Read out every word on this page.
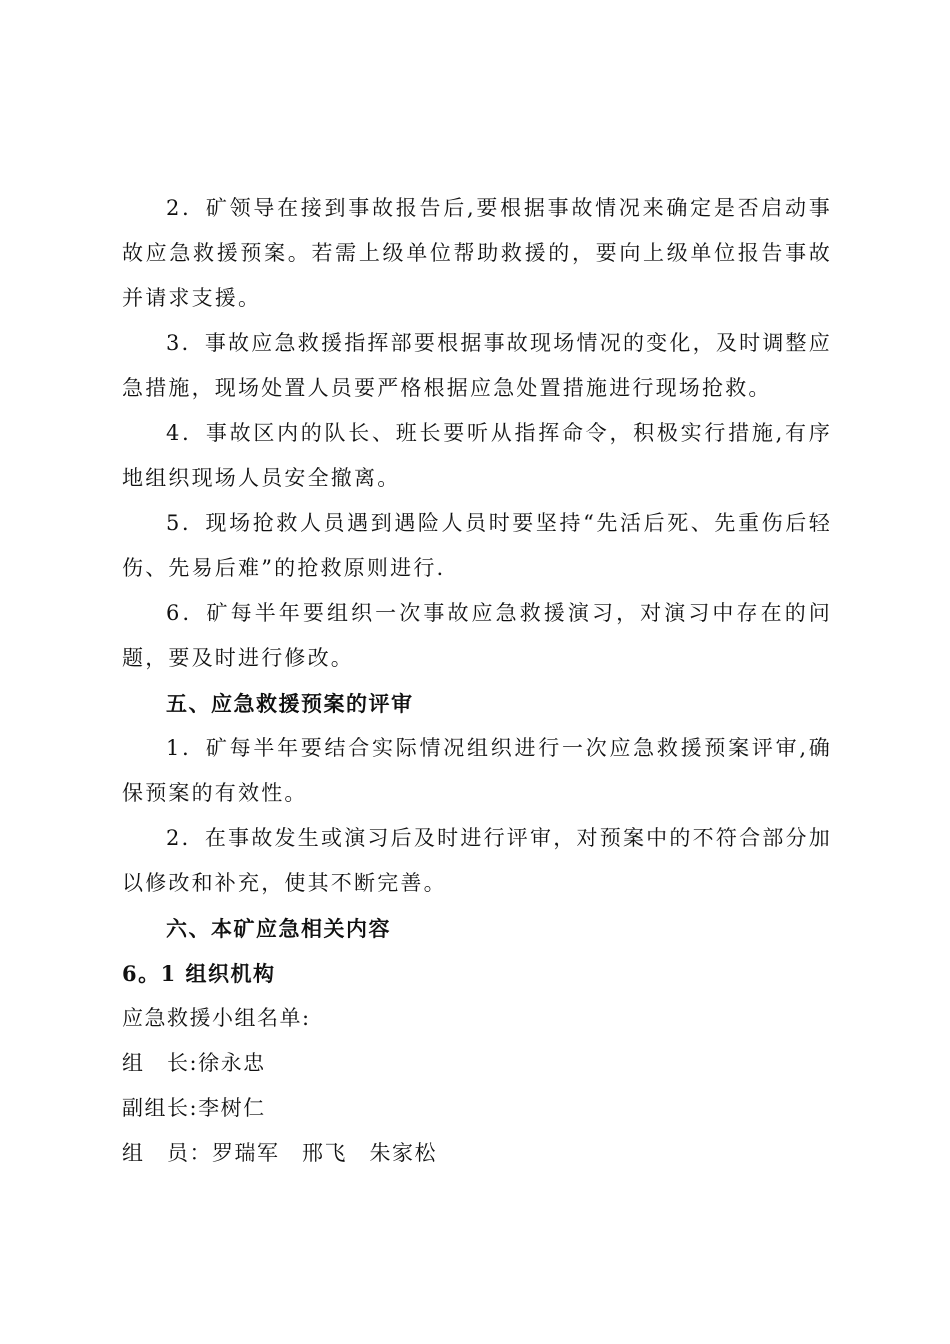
2．矿领导在接到事故报告后,要根据事故情况来确定是否启动事故应急救援预案。若需上级单位帮助救援的，要向上级单位报告事故并请求支援。

3．事故应急救援指挥部要根据事故现场情况的变化，及时调整应急措施，现场处置人员要严格根据应急处置措施进行现场抢救。

4．事故区内的队长、班长要听从指挥命令，积极实行措施,有序地组织现场人员安全撤离。

5．现场抢救人员遇到遇险人员时要坚持“先活后死、先重伤后轻伤、先易后难”的抢救原则进行.

6．矿每半年要组织一次事故应急救援演习，对演习中存在的问题，要及时进行修改。

五、应急救援预案的评审

1．矿每半年要结合实际情况组织进行一次应急救援预案评审,确保预案的有效性。

2．在事故发生或演习后及时进行评审，对预案中的不符合部分加以修改和补充，使其不断完善。

六、本矿应急相关内容

6。1 组织机构

应急救援小组名单:

组　长:徐永忠

副组长:李树仁

组　员：罗瑞军　邢飞　朱家松
